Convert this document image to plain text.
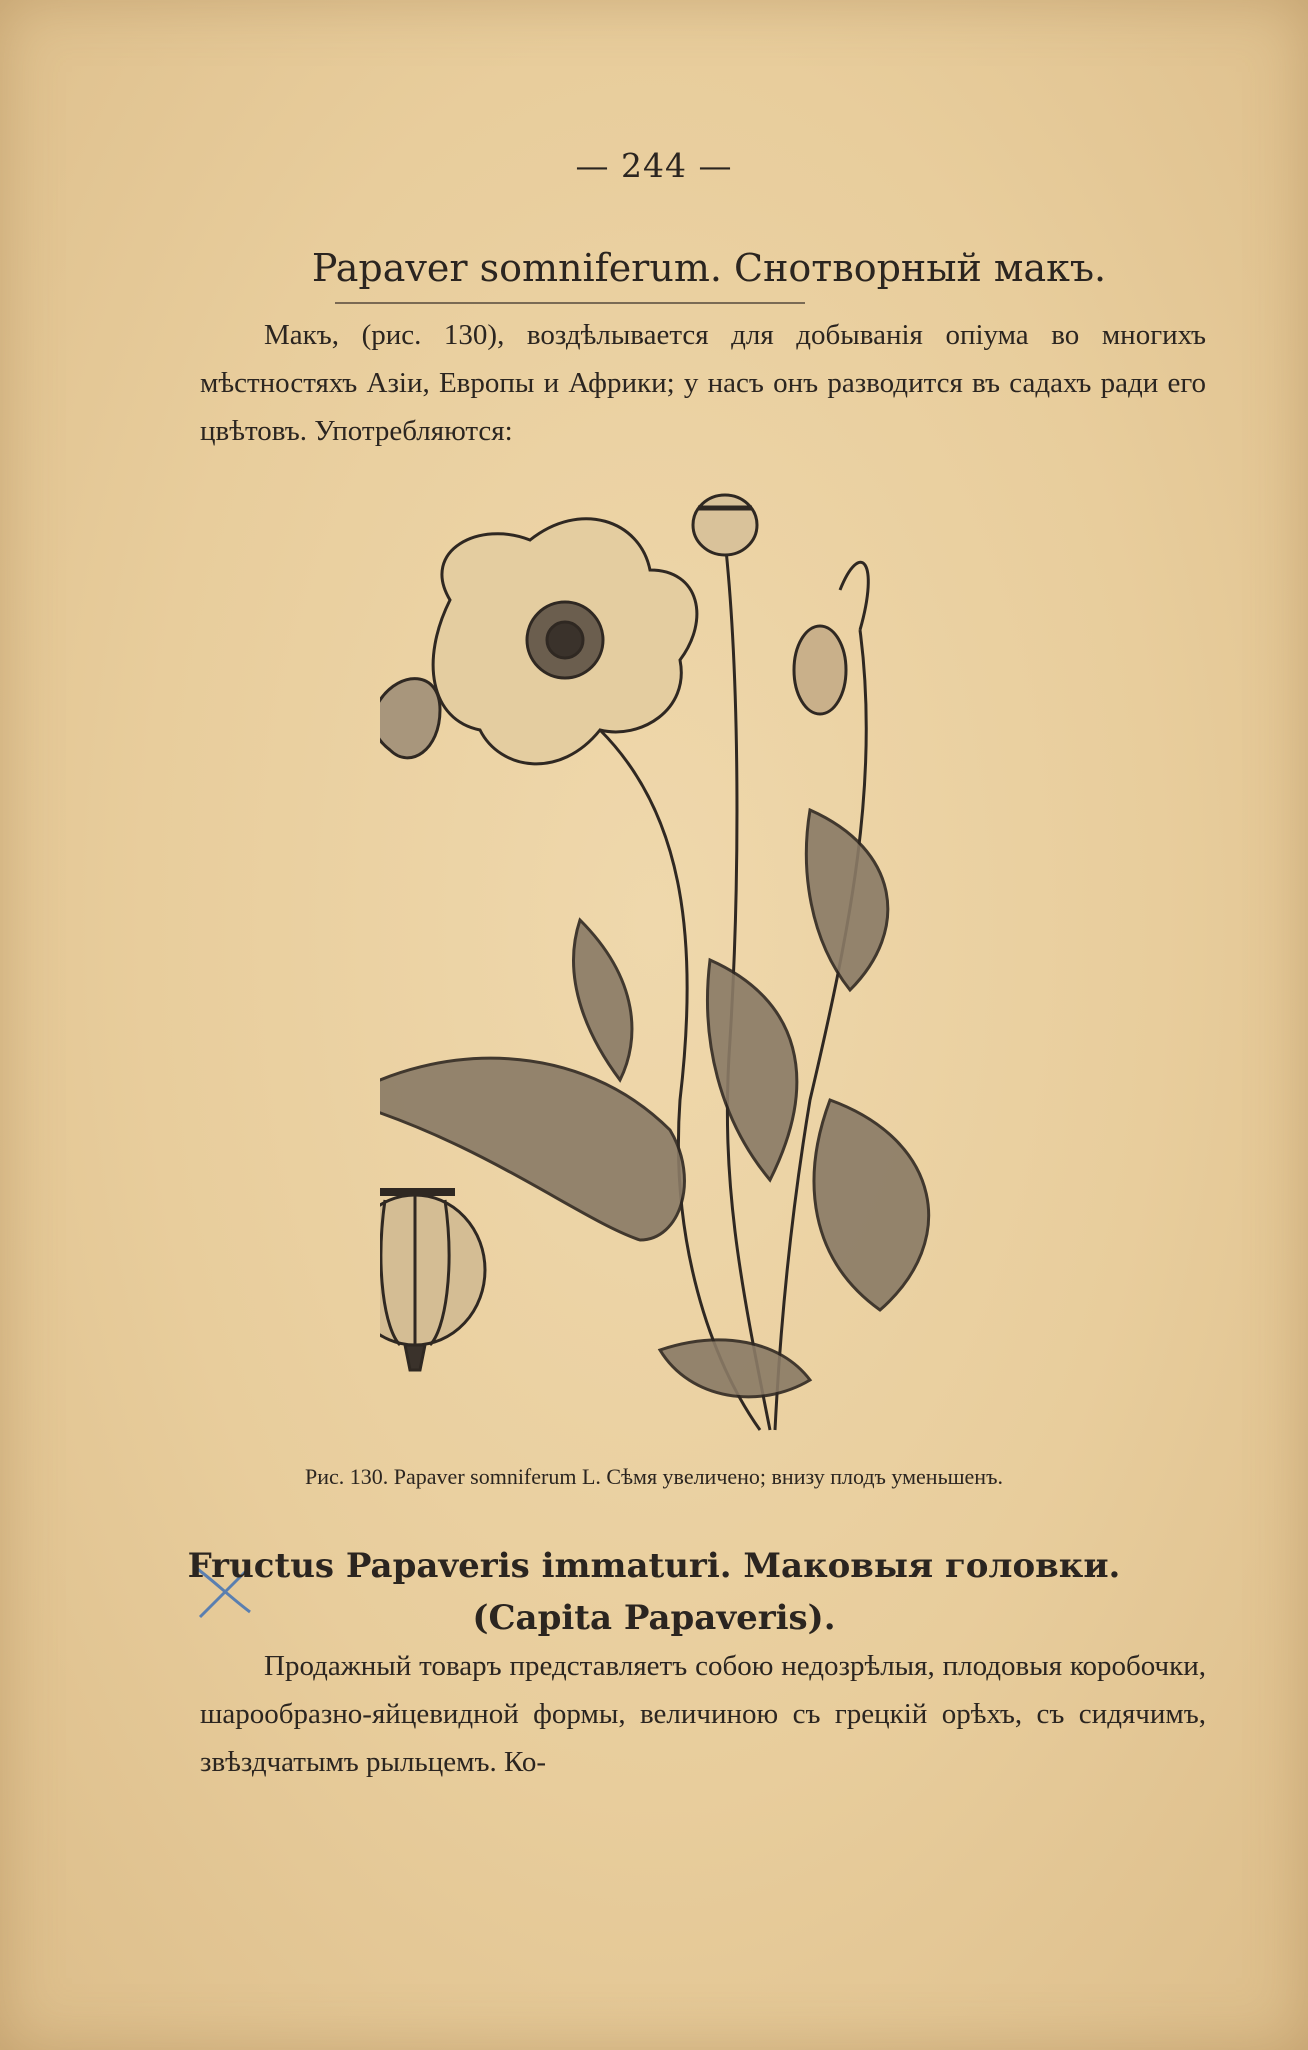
— 244 —
Papaver somniferum. Снотворный макъ.

Макъ, (рис. 130), воздѣлывается для добыванія опіума во многихъ мѣстностяхъ Азіи, Европы и Африки; у насъ онъ разводится въ садахъ ради его цвѣтовъ. Употребляются:

Рис. 130. Papaver somniferum L. Сѣмя увеличено; внизу плодъ уменьшенъ.
Fructus Papaveris immaturi. Маковыя головки.
(Capita Papaveris).

Продажный товаръ представляетъ собою недозрѣлыя, плодовыя коробочки, шарообразно-яйцевидной формы, величиною съ грецкій орѣхъ, съ сидячимъ, звѣздчатымъ рыльцемъ. Ко-
